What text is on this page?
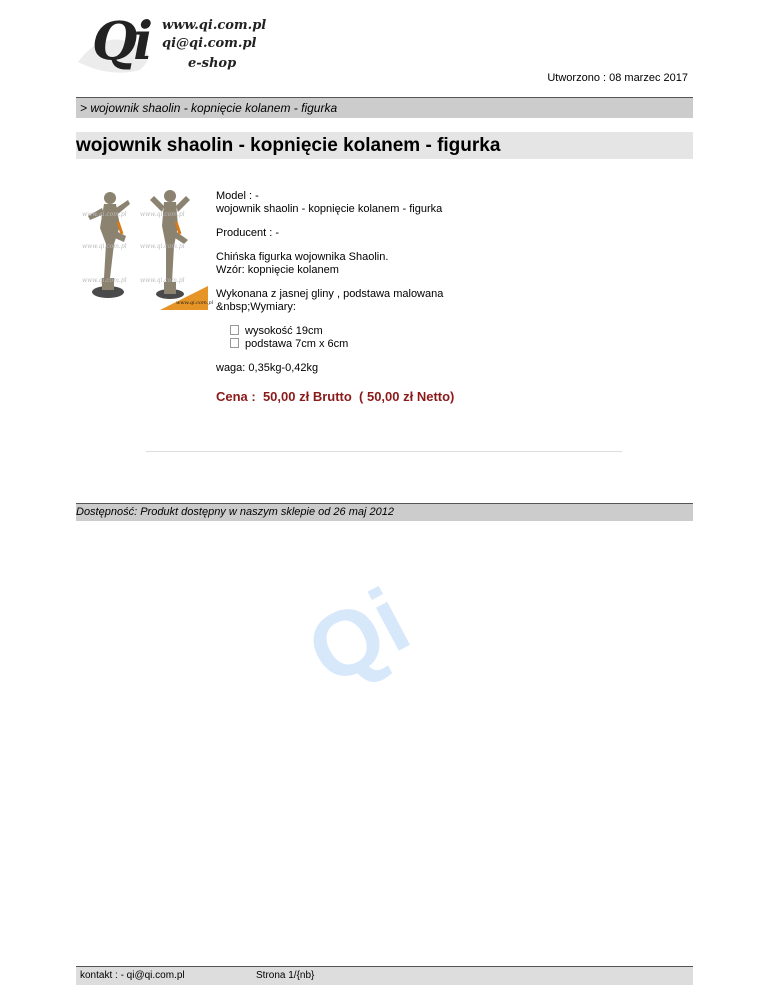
Qi www.qi.com.pl
qi@qi.com.pl
e-shop
Utworzono : 08 marzec 2017
> wojownik shaolin - kopnięcie kolanem - figurka
wojownik shaolin - kopnięcie kolanem - figurka
www.qi.com.pl www.qi.com.pl
www.qi.com.pl www.qi.com.pl
www.qi.com.pl www.qi.com.pl
www.qi.com.pl

Model : -

wojownik shaolin - kopnięcie kolanem - figurka

Producent : -

Chińska figurka wojownika Shaolin.

Wzór: kopnięcie kolanem

Wykonana z jasnej gliny , podstawa malowana

&nbsp;Wymiary:

wysokość 19cm
podstawa 7cm x 6cm

waga: 0,35kg-0,42kg

Cena :  50,00 zł Brutto  ( 50,00 zł Netto)

Dostępność: Produkt dostępny w naszym sklepie od 26 maj 2012
Qi
kontakt : - qi@qi.com.pl	Strona 1/{nb}
